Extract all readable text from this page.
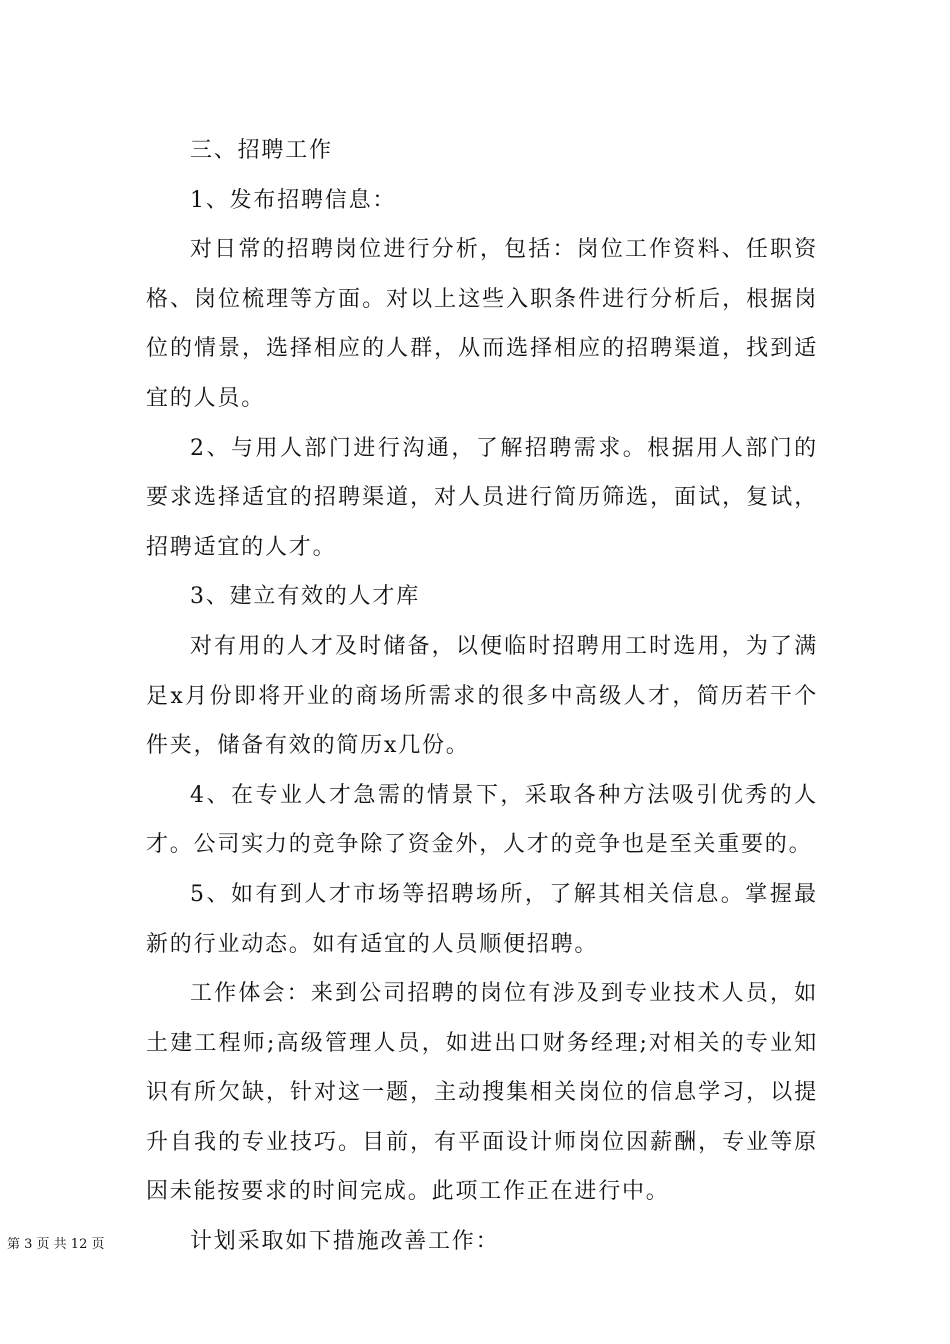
三、招聘工作

1、发布招聘信息：

对日常的招聘岗位进行分析，包括：岗位工作资料、任职资格、岗位梳理等方面。对以上这些入职条件进行分析后，根据岗位的情景，选择相应的人群，从而选择相应的招聘渠道，找到适宜的人员。

2、与用人部门进行沟通，了解招聘需求。根据用人部门的要求选择适宜的招聘渠道，对人员进行简历筛选，面试，复试，招聘适宜的人才。

3、建立有效的人才库

对有用的人才及时储备，以便临时招聘用工时选用，为了满足x月份即将开业的商场所需求的很多中高级人才，简历若干个件夹，储备有效的简历x几份。

4、在专业人才急需的情景下，采取各种方法吸引优秀的人才。公司实力的竞争除了资金外，人才的竞争也是至关重要的。

5、如有到人才市场等招聘场所，了解其相关信息。掌握最新的行业动态。如有适宜的人员顺便招聘。

工作体会：来到公司招聘的岗位有涉及到专业技术人员，如土建工程师;高级管理人员，如进出口财务经理;对相关的专业知识有所欠缺，针对这一题，主动搜集相关岗位的信息学习，以提升自我的专业技巧。目前，有平面设计师岗位因薪酬，专业等原因未能按要求的时间完成。此项工作正在进行中。

计划采取如下措施改善工作：

第 3 页 共 12 页
